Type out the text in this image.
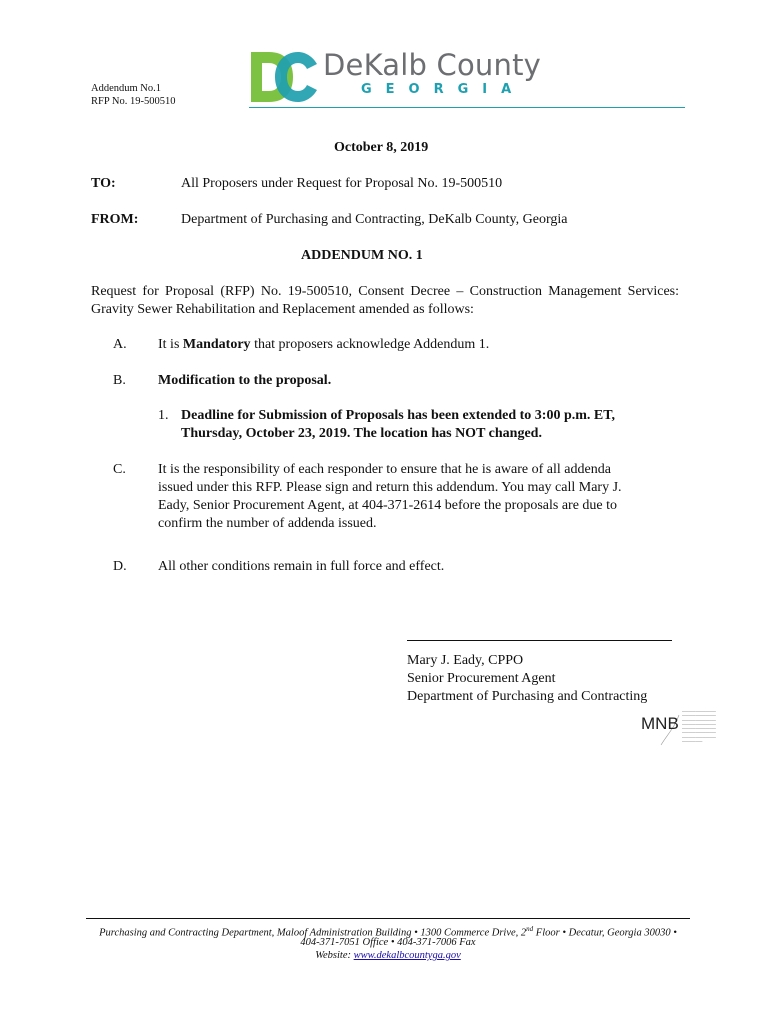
Addendum No.1
RFP No. 19-500510
DeKalb County
GEORGIA
October 8, 2019
TO:	All Proposers under Request for Proposal No. 19-500510
FROM:	Department of Purchasing and Contracting, DeKalb County, Georgia
ADDENDUM NO. 1
Request for Proposal (RFP) No. 19-500510, Consent Decree – Construction Management Services: Gravity Sewer Rehabilitation and Replacement amended as follows:
A. It is Mandatory that proposers acknowledge Addendum 1.
B. Modification to the proposal.
1. Deadline for Submission of Proposals has been extended to 3:00 p.m. ET,
Thursday, October 23, 2019. The location has NOT changed.
C. It is the responsibility of each responder to ensure that he is aware of all addenda
issued under this RFP. Please sign and return this addendum. You may call Mary J.
Eady, Senior Procurement Agent, at 404-371-2614 before the proposals are due to
confirm the number of addenda issued.
D. All other conditions remain in full force and effect.
Mary J. Eady, CPPO
Senior Procurement Agent
Department of Purchasing and Contracting
MNB
——————————
——————————
——————————
——————————
——————————
——————————
——————————
——————
Purchasing and Contracting Department, Maloof Administration Building • 1300 Commerce Drive, 2nd Floor • Decatur, Georgia 30030 •
404-371-7051 Office • 404-371-7006 Fax
Website: www.dekalbcountyga.gov
